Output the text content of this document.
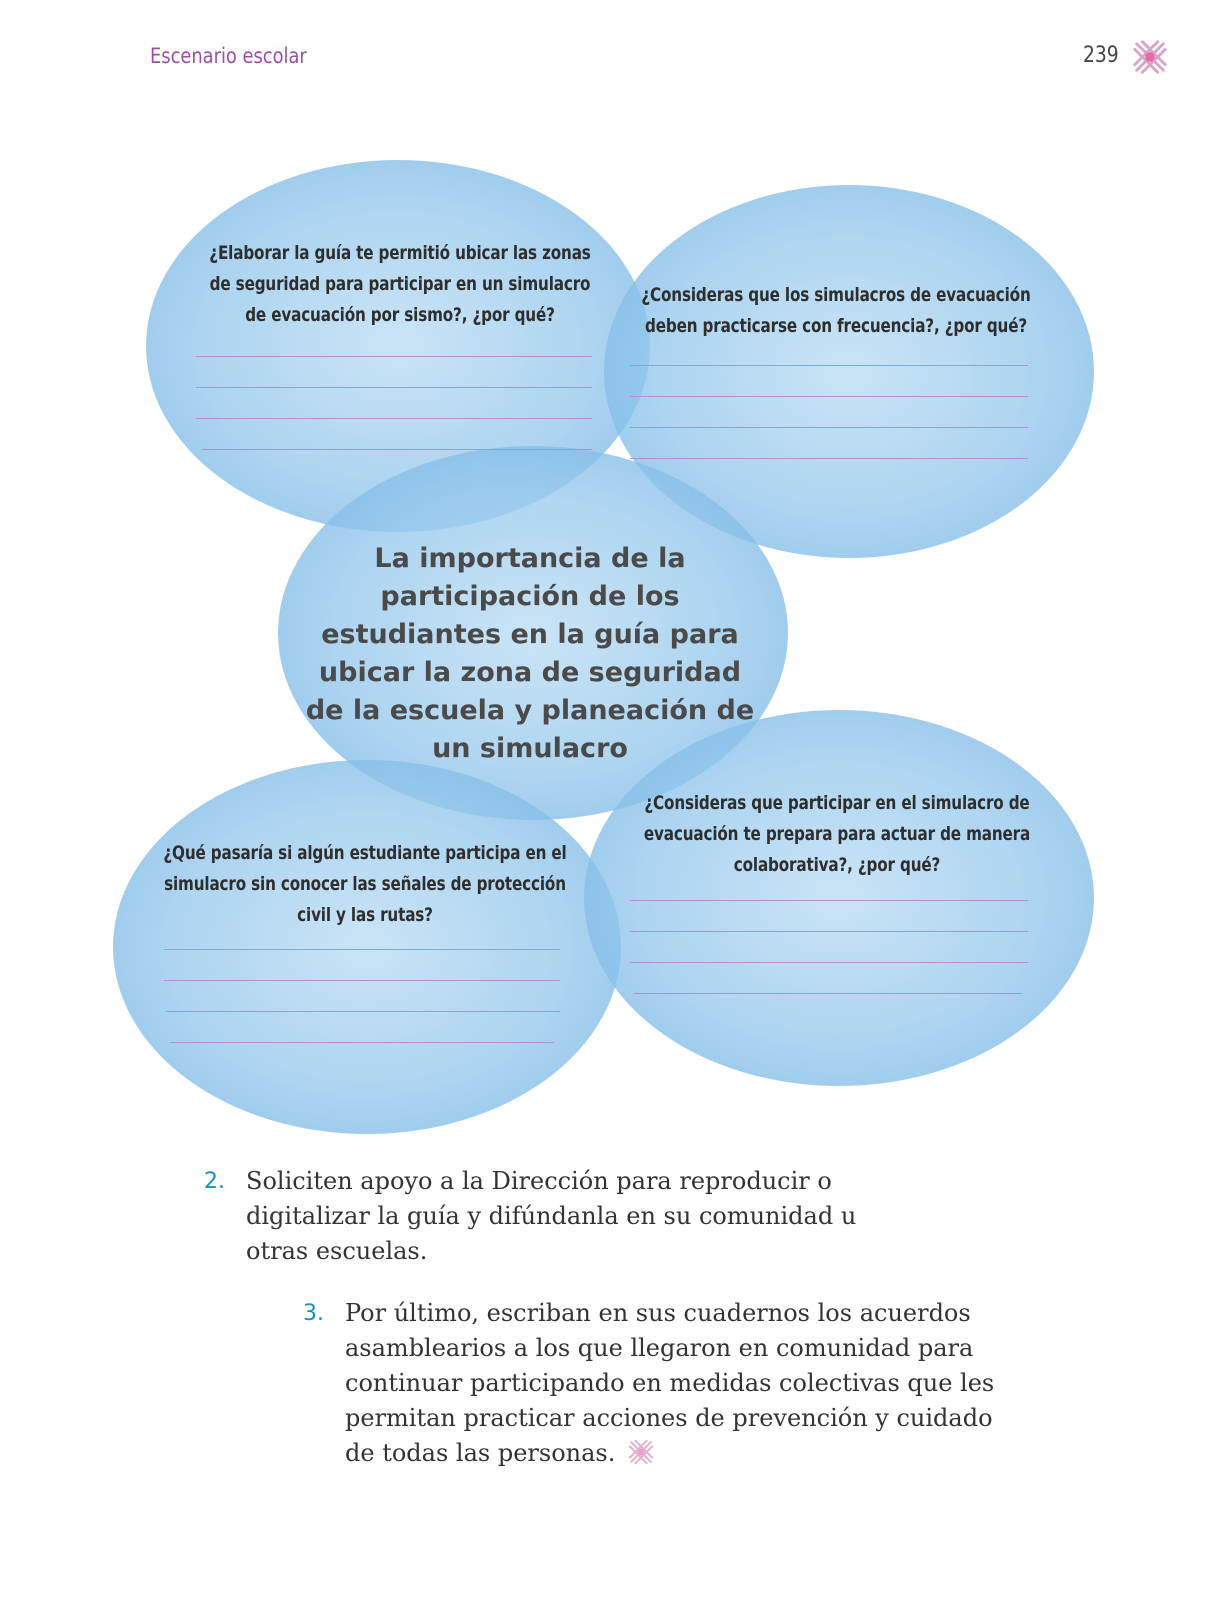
Escenario escolar	239
¿Elaborar la guía te permitió ubicar las zonas de seguridad para participar en un simulacro de evacuación por sismo?, ¿por qué?
¿Consideras que los simulacros de evacuación deben practicarse con frecuencia?, ¿por qué?
¿Qué pasaría si algún estudiante participa en el simulacro sin conocer las señales de protección civil y las rutas?
¿Consideras que participar en el simulacro de evacuación te prepara para actuar de manera colaborativa?, ¿por qué?
La importancia de la participación de los estudiantes en la guía para ubicar la zona de seguridad de la escuela y planeación de un simulacro
2. Soliciten apoyo a la Dirección para reproducir o digitalizar la guía y difúndanla en su comunidad u otras escuelas.
3. Por último, escriban en sus cuadernos los acuerdos asamblearios a los que llegaron en comunidad para continuar participando en medidas colectivas que les permitan practicar acciones de prevención y cuidado de todas las personas.
